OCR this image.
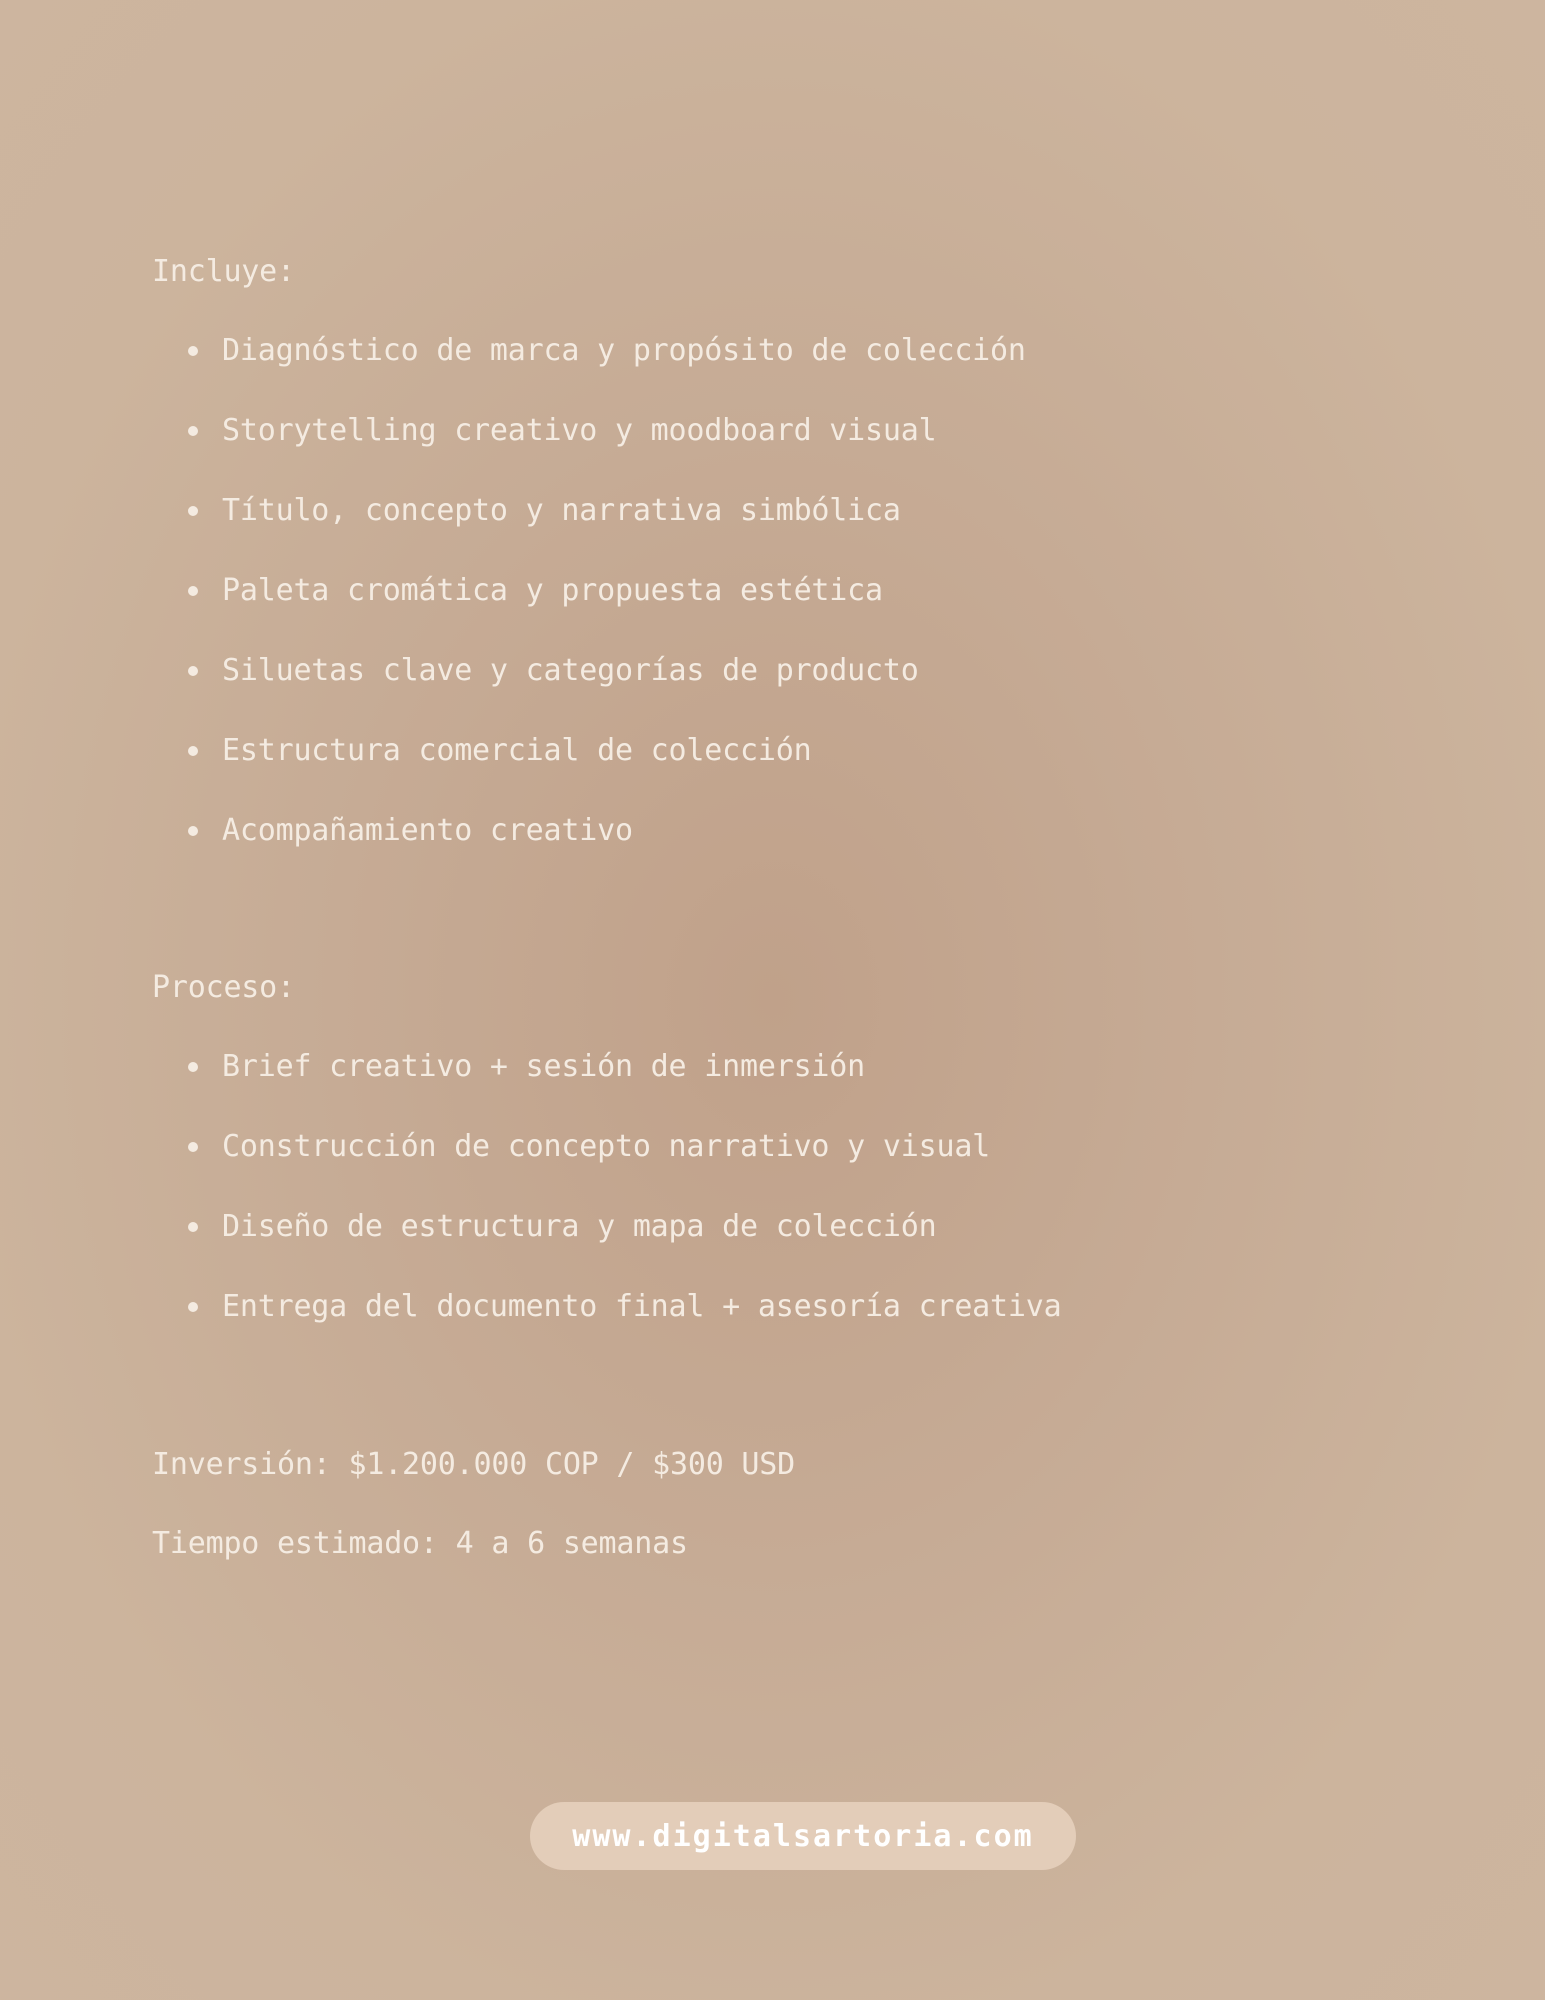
Incluye:
Diagnóstico de marca y propósito de colección
Storytelling creativo y moodboard visual
Título, concepto y narrativa simbólica
Paleta cromática y propuesta estética
Siluetas clave y categorías de producto
Estructura comercial de colección
Acompañamiento creativo
Proceso:
Brief creativo + sesión de inmersión
Construcción de concepto narrativo y visual
Diseño de estructura y mapa de colección
Entrega del documento final + asesoría creativa
Inversión: $1.200.000 COP / $300 USD
Tiempo estimado: 4 a 6 semanas
www.digitalsartoria.com
